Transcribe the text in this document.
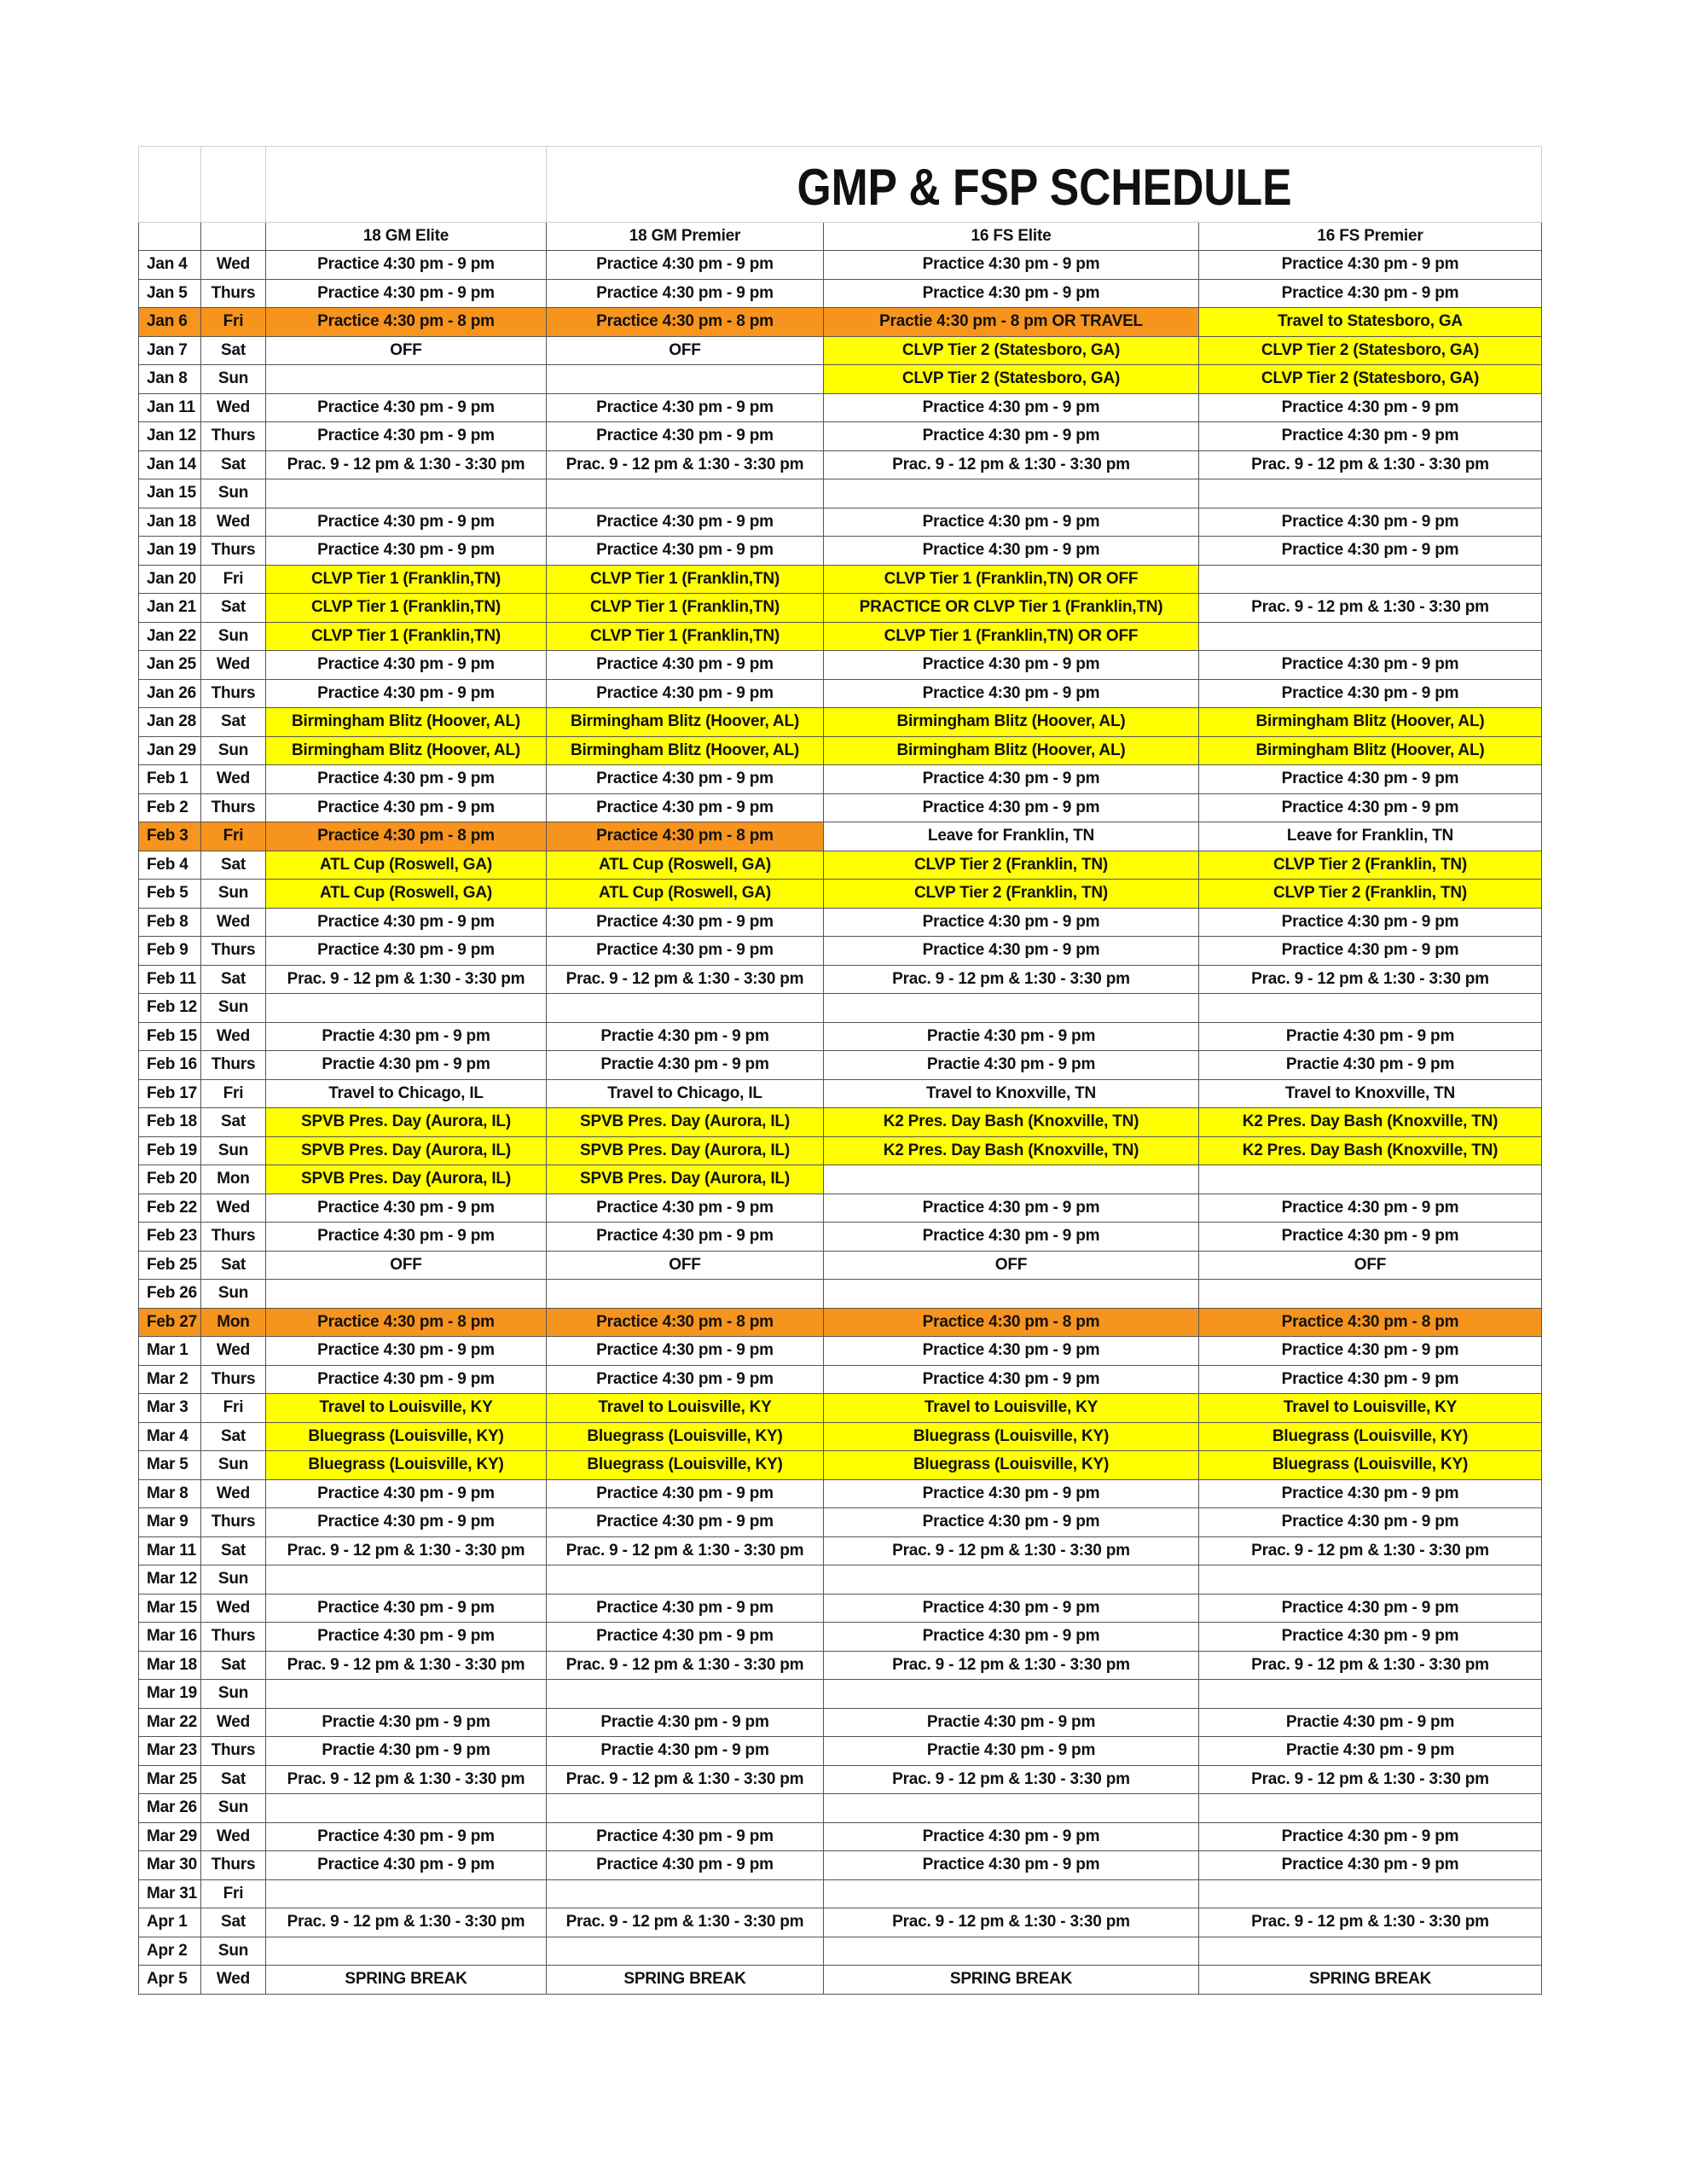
			GMP & FSP SCHEDULE		
		18 GM Elite	18 GM Premier	16 FS Elite	16 FS Premier
Jan 4	Wed	Practice 4:30 pm - 9 pm	Practice 4:30 pm - 9 pm	Practice 4:30 pm - 9 pm	Practice 4:30 pm - 9 pm
Jan 5	Thurs	Practice 4:30 pm - 9 pm	Practice 4:30 pm - 9 pm	Practice 4:30 pm - 9 pm	Practice 4:30 pm - 9 pm
Jan 6	Fri	Practice 4:30 pm - 8 pm	Practice 4:30 pm - 8 pm	Practie 4:30 pm - 8 pm OR TRAVEL	Travel to Statesboro, GA
Jan 7	Sat	OFF	OFF	CLVP Tier 2 (Statesboro, GA)	CLVP Tier 2 (Statesboro, GA)
Jan 8	Sun			CLVP Tier 2 (Statesboro, GA)	CLVP Tier 2 (Statesboro, GA)
Jan 11	Wed	Practice 4:30 pm - 9 pm	Practice 4:30 pm - 9 pm	Practice 4:30 pm - 9 pm	Practice 4:30 pm - 9 pm
Jan 12	Thurs	Practice 4:30 pm - 9 pm	Practice 4:30 pm - 9 pm	Practice 4:30 pm - 9 pm	Practice 4:30 pm - 9 pm
Jan 14	Sat	Prac. 9 - 12 pm & 1:30 - 3:30 pm	Prac. 9 - 12 pm & 1:30 - 3:30 pm	Prac. 9 - 12 pm & 1:30 - 3:30 pm	Prac. 9 - 12 pm & 1:30 - 3:30 pm
Jan 15	Sun				
Jan 18	Wed	Practice 4:30 pm - 9 pm	Practice 4:30 pm - 9 pm	Practice 4:30 pm - 9 pm	Practice 4:30 pm - 9 pm
Jan 19	Thurs	Practice 4:30 pm - 9 pm	Practice 4:30 pm - 9 pm	Practice 4:30 pm - 9 pm	Practice 4:30 pm - 9 pm
Jan 20	Fri	CLVP Tier 1 (Franklin,TN)	CLVP Tier 1 (Franklin,TN)	CLVP Tier 1 (Franklin,TN) OR OFF	
Jan 21	Sat	CLVP Tier 1 (Franklin,TN)	CLVP Tier 1 (Franklin,TN)	PRACTICE OR CLVP Tier 1 (Franklin,TN)	Prac. 9 - 12 pm & 1:30 - 3:30 pm
Jan 22	Sun	CLVP Tier 1 (Franklin,TN)	CLVP Tier 1 (Franklin,TN)	CLVP Tier 1 (Franklin,TN) OR OFF	
Jan 25	Wed	Practice 4:30 pm - 9 pm	Practice 4:30 pm - 9 pm	Practice 4:30 pm - 9 pm	Practice 4:30 pm - 9 pm
Jan 26	Thurs	Practice 4:30 pm - 9 pm	Practice 4:30 pm - 9 pm	Practice 4:30 pm - 9 pm	Practice 4:30 pm - 9 pm
Jan 28	Sat	Birmingham Blitz (Hoover, AL)	Birmingham Blitz (Hoover, AL)	Birmingham Blitz (Hoover, AL)	Birmingham Blitz (Hoover, AL)
Jan 29	Sun	Birmingham Blitz (Hoover, AL)	Birmingham Blitz (Hoover, AL)	Birmingham Blitz (Hoover, AL)	Birmingham Blitz (Hoover, AL)
Feb 1	Wed	Practice 4:30 pm - 9 pm	Practice 4:30 pm - 9 pm	Practice 4:30 pm - 9 pm	Practice 4:30 pm - 9 pm
Feb 2	Thurs	Practice 4:30 pm - 9 pm	Practice 4:30 pm - 9 pm	Practice 4:30 pm - 9 pm	Practice 4:30 pm - 9 pm
Feb 3	Fri	Practice 4:30 pm - 8 pm	Practice 4:30 pm - 8 pm	Leave for Franklin, TN	Leave for Franklin, TN
Feb 4	Sat	ATL Cup (Roswell, GA)	ATL Cup (Roswell, GA)	CLVP Tier 2 (Franklin, TN)	CLVP Tier 2 (Franklin, TN)
Feb 5	Sun	ATL Cup (Roswell, GA)	ATL Cup (Roswell, GA)	CLVP Tier 2 (Franklin, TN)	CLVP Tier 2 (Franklin, TN)
Feb 8	Wed	Practice 4:30 pm - 9 pm	Practice 4:30 pm - 9 pm	Practice 4:30 pm - 9 pm	Practice 4:30 pm - 9 pm
Feb 9	Thurs	Practice 4:30 pm - 9 pm	Practice 4:30 pm - 9 pm	Practice 4:30 pm - 9 pm	Practice 4:30 pm - 9 pm
Feb 11	Sat	Prac. 9 - 12 pm & 1:30 - 3:30 pm	Prac. 9 - 12 pm & 1:30 - 3:30 pm	Prac. 9 - 12 pm & 1:30 - 3:30 pm	Prac. 9 - 12 pm & 1:30 - 3:30 pm
Feb 12	Sun				
Feb 15	Wed	Practie 4:30 pm - 9 pm	Practie 4:30 pm - 9 pm	Practie 4:30 pm - 9 pm	Practie 4:30 pm - 9 pm
Feb 16	Thurs	Practie 4:30 pm - 9 pm	Practie 4:30 pm - 9 pm	Practie 4:30 pm - 9 pm	Practie 4:30 pm - 9 pm
Feb 17	Fri	Travel to Chicago, IL	Travel to Chicago, IL	Travel to Knoxville, TN	Travel to Knoxville, TN
Feb 18	Sat	SPVB Pres. Day (Aurora, IL)	SPVB Pres. Day (Aurora, IL)	K2 Pres. Day Bash (Knoxville, TN)	K2 Pres. Day Bash (Knoxville, TN)
Feb 19	Sun	SPVB Pres. Day (Aurora, IL)	SPVB Pres. Day (Aurora, IL)	K2 Pres. Day Bash (Knoxville, TN)	K2 Pres. Day Bash (Knoxville, TN)
Feb 20	Mon	SPVB Pres. Day (Aurora, IL)	SPVB Pres. Day (Aurora, IL)		
Feb 22	Wed	Practice 4:30 pm - 9 pm	Practice 4:30 pm - 9 pm	Practice 4:30 pm - 9 pm	Practice 4:30 pm - 9 pm
Feb 23	Thurs	Practice 4:30 pm - 9 pm	Practice 4:30 pm - 9 pm	Practice 4:30 pm - 9 pm	Practice 4:30 pm - 9 pm
Feb 25	Sat	OFF	OFF	OFF	OFF
Feb 26	Sun				
Feb 27	Mon	Practice 4:30 pm - 8 pm	Practice 4:30 pm - 8 pm	Practice 4:30 pm - 8 pm	Practice 4:30 pm - 8 pm
Mar 1	Wed	Practice 4:30 pm - 9 pm	Practice 4:30 pm - 9 pm	Practice 4:30 pm - 9 pm	Practice 4:30 pm - 9 pm
Mar 2	Thurs	Practice 4:30 pm - 9 pm	Practice 4:30 pm - 9 pm	Practice 4:30 pm - 9 pm	Practice 4:30 pm - 9 pm
Mar 3	Fri	Travel to Louisville, KY	Travel to Louisville, KY	Travel to Louisville, KY	Travel to Louisville, KY
Mar 4	Sat	Bluegrass (Louisville, KY)	Bluegrass (Louisville, KY)	Bluegrass (Louisville, KY)	Bluegrass (Louisville, KY)
Mar 5	Sun	Bluegrass (Louisville, KY)	Bluegrass (Louisville, KY)	Bluegrass (Louisville, KY)	Bluegrass (Louisville, KY)
Mar 8	Wed	Practice 4:30 pm - 9 pm	Practice 4:30 pm - 9 pm	Practice 4:30 pm - 9 pm	Practice 4:30 pm - 9 pm
Mar 9	Thurs	Practice 4:30 pm - 9 pm	Practice 4:30 pm - 9 pm	Practice 4:30 pm - 9 pm	Practice 4:30 pm - 9 pm
Mar 11	Sat	Prac. 9 - 12 pm & 1:30 - 3:30 pm	Prac. 9 - 12 pm & 1:30 - 3:30 pm	Prac. 9 - 12 pm & 1:30 - 3:30 pm	Prac. 9 - 12 pm & 1:30 - 3:30 pm
Mar 12	Sun				
Mar 15	Wed	Practice 4:30 pm - 9 pm	Practice 4:30 pm - 9 pm	Practice 4:30 pm - 9 pm	Practice 4:30 pm - 9 pm
Mar 16	Thurs	Practice 4:30 pm - 9 pm	Practice 4:30 pm - 9 pm	Practice 4:30 pm - 9 pm	Practice 4:30 pm - 9 pm
Mar 18	Sat	Prac. 9 - 12 pm & 1:30 - 3:30 pm	Prac. 9 - 12 pm & 1:30 - 3:30 pm	Prac. 9 - 12 pm & 1:30 - 3:30 pm	Prac. 9 - 12 pm & 1:30 - 3:30 pm
Mar 19	Sun				
Mar 22	Wed	Practie 4:30 pm - 9 pm	Practie 4:30 pm - 9 pm	Practie 4:30 pm - 9 pm	Practie 4:30 pm - 9 pm
Mar 23	Thurs	Practie 4:30 pm - 9 pm	Practie 4:30 pm - 9 pm	Practie 4:30 pm - 9 pm	Practie 4:30 pm - 9 pm
Mar 25	Sat	Prac. 9 - 12 pm & 1:30 - 3:30 pm	Prac. 9 - 12 pm & 1:30 - 3:30 pm	Prac. 9 - 12 pm & 1:30 - 3:30 pm	Prac. 9 - 12 pm & 1:30 - 3:30 pm
Mar 26	Sun				
Mar 29	Wed	Practice 4:30 pm - 9 pm	Practice 4:30 pm - 9 pm	Practice 4:30 pm - 9 pm	Practice 4:30 pm - 9 pm
Mar 30	Thurs	Practice 4:30 pm - 9 pm	Practice 4:30 pm - 9 pm	Practice 4:30 pm - 9 pm	Practice 4:30 pm - 9 pm
Mar 31	Fri				
Apr 1	Sat	Prac. 9 - 12 pm & 1:30 - 3:30 pm	Prac. 9 - 12 pm & 1:30 - 3:30 pm	Prac. 9 - 12 pm & 1:30 - 3:30 pm	Prac. 9 - 12 pm & 1:30 - 3:30 pm
Apr 2	Sun				
Apr 5	Wed	SPRING BREAK	SPRING BREAK	SPRING BREAK	SPRING BREAK
